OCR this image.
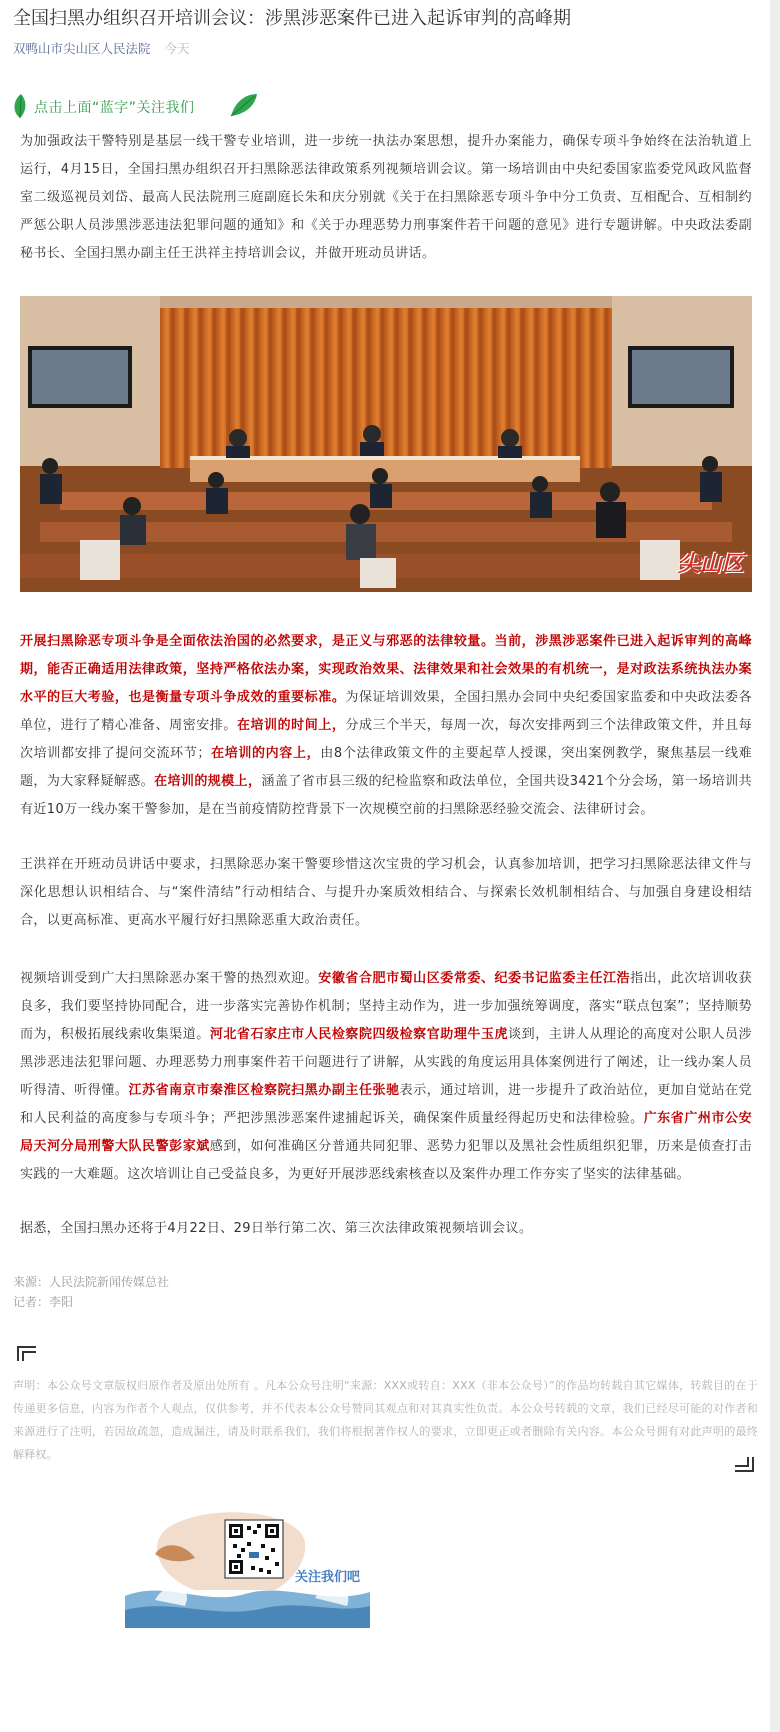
全国扫黑办组织召开培训会议：涉黑涉恶案件已进入起诉审判的高峰期
双鸭山市尖山区人民法院 今天
点击上面“蓝字”关注我们

为加强政法干警特别是基层一线干警专业培训，进一步统一执法办案思想，提升办案能力，确保专项斗争始终在法治轨道上运行，4月15日，全国扫黑办组织召开扫黑除恶法律政策系列视频培训会议。第一场培训由中央纪委国家监委党风政风监督室二级巡视员刘岱、最高人民法院刑三庭副庭长朱和庆分别就《关于在扫黑除恶专项斗争中分工负责、互相配合、互相制约严惩公职人员涉黑涉恶违法犯罪问题的通知》和《关于办理恶势力刑事案件若干问题的意见》进行专题讲解。中央政法委副秘书长、全国扫黑办副主任王洪祥主持培训会议，并做开班动员讲话。

尖山区

开展扫黑除恶专项斗争是全面依法治国的必然要求，是正义与邪恶的法律较量。当前，涉黑涉恶案件已进入起诉审判的高峰期，能否正确适用法律政策，坚持严格依法办案，实现政治效果、法律效果和社会效果的有机统一，是对政法系统执法办案水平的巨大考验，也是衡量专项斗争成效的重要标准。为保证培训效果，全国扫黑办会同中央纪委国家监委和中央政法委各单位，进行了精心准备、周密安排。在培训的时间上，分成三个半天，每周一次，每次安排两到三个法律政策文件，并且每次培训都安排了提问交流环节；在培训的内容上，由8个法律政策文件的主要起草人授课，突出案例教学，聚焦基层一线难题，为大家释疑解惑。在培训的规模上，涵盖了省市县三级的纪检监察和政法单位，全国共设3421个分会场，第一场培训共有近10万一线办案干警参加，是在当前疫情防控背景下一次规模空前的扫黑除恶经验交流会、法律研讨会。

王洪祥在开班动员讲话中要求，扫黑除恶办案干警要珍惜这次宝贵的学习机会，认真参加培训，把学习扫黑除恶法律文件与深化思想认识相结合、与“案件清结”行动相结合、与提升办案质效相结合、与探索长效机制相结合、与加强自身建设相结合，以更高标准、更高水平履行好扫黑除恶重大政治责任。

视频培训受到广大扫黑除恶办案干警的热烈欢迎。安徽省合肥市蜀山区委常委、纪委书记监委主任江浩指出，此次培训收获良多，我们要坚持协同配合，进一步落实完善协作机制；坚持主动作为，进一步加强统筹调度，落实“联点包案”；坚持顺势而为，积极拓展线索收集渠道。河北省石家庄市人民检察院四级检察官助理牛玉虎谈到，主讲人从理论的高度对公职人员涉黑涉恶违法犯罪问题、办理恶势力刑事案件若干问题进行了讲解，从实践的角度运用具体案例进行了阐述，让一线办案人员听得清、听得懂。江苏省南京市秦淮区检察院扫黑办副主任张驰表示，通过培训，进一步提升了政治站位，更加自觉站在党和人民利益的高度参与专项斗争；严把涉黑涉恶案件逮捕起诉关，确保案件质量经得起历史和法律检验。广东省广州市公安局天河分局刑警大队民警彭家斌感到，如何准确区分普通共同犯罪、恶势力犯罪以及黑社会性质组织犯罪，历来是侦查打击实践的一大难题。这次培训让自己受益良多，为更好开展涉恶线索核查以及案件办理工作夯实了坚实的法律基础。

据悉，全国扫黑办还将于4月22日、29日举行第二次、第三次法律政策视频培训会议。

来源：人民法院新闻传媒总社
记者：李阳

声明：本公众号文章版权归原作者及原出处所有 。凡本公众号注明“来源：XXX或转自：XXX（非本公众号）”的作品均转载自其它媒体，转载目的在于传递更多信息，内容为作者个人观点，仅供参考，并不代表本公众号赞同其观点和对其真实性负责。本公众号转载的文章，我们已经尽可能的对作者和来源进行了注明，若因故疏忽，造成漏注，请及时联系我们，我们将根据著作权人的要求，立即更正或者删除有关内容。本公众号拥有对此声明的最终解释权。

关注我们吧
